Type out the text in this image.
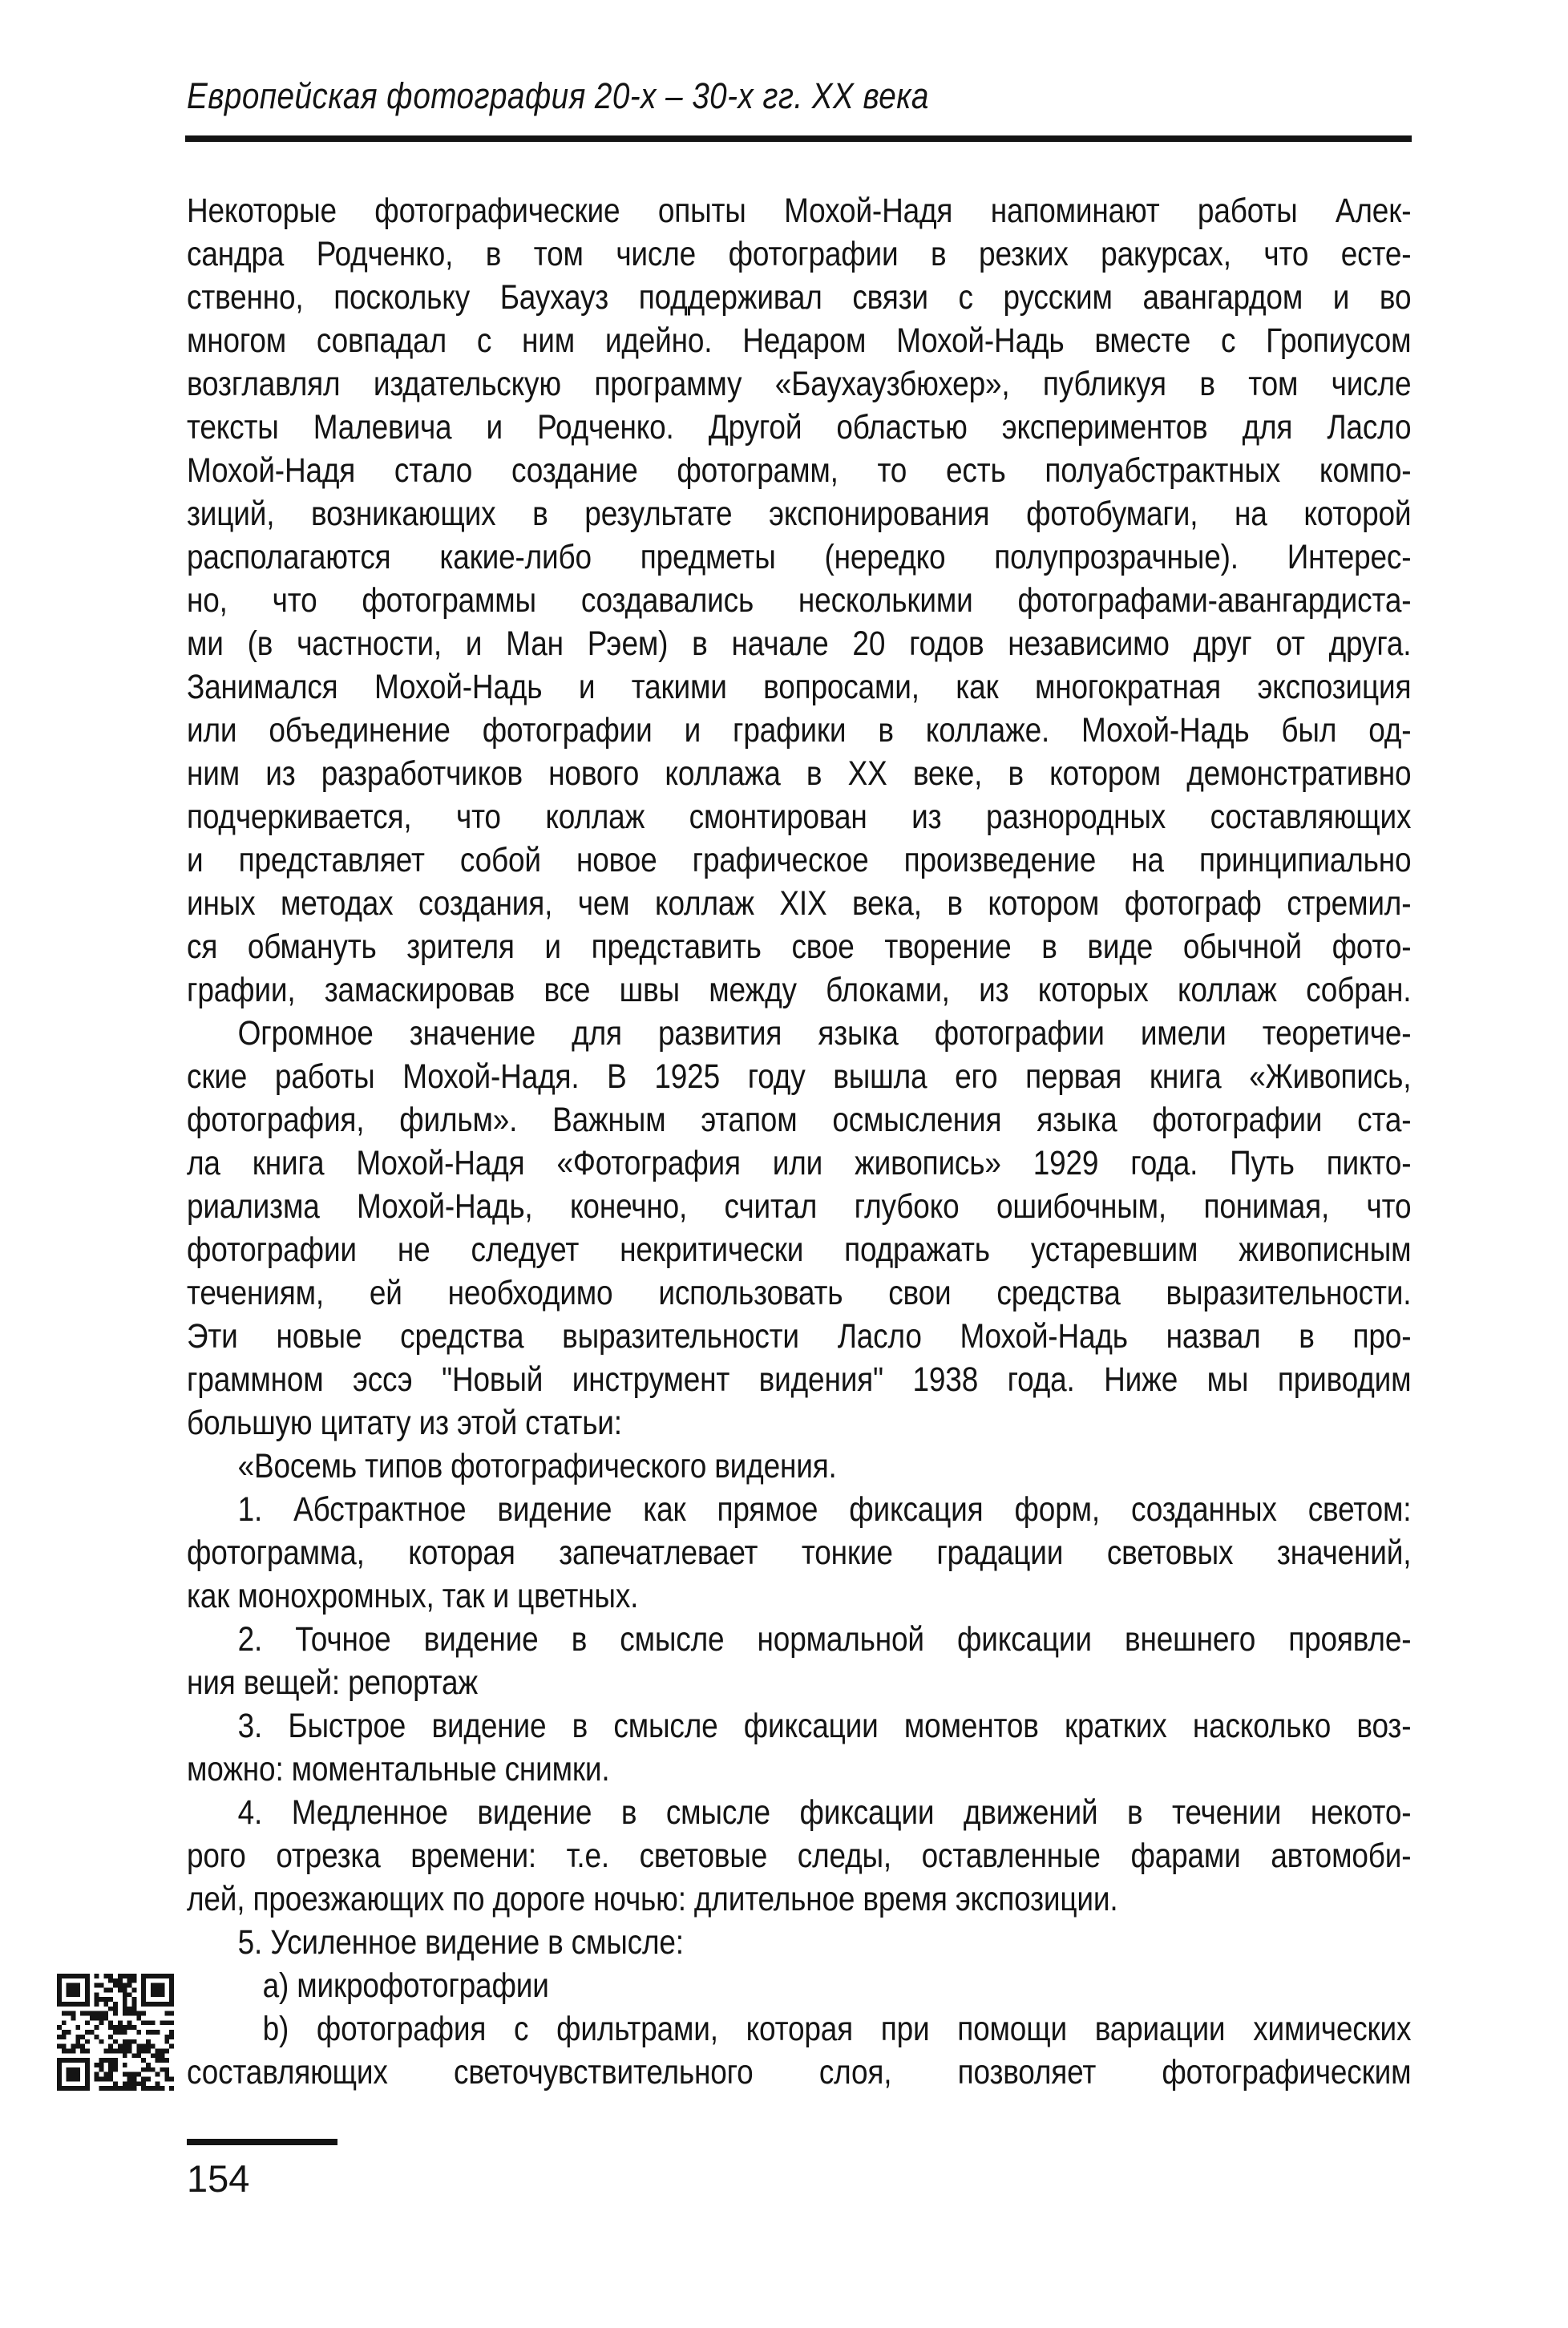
Европейская фотография 20-х – 30-х гг. XX века
Некоторые фотографические опыты Мохой-Надя напоминают работы Алек-
сандра Родченко, в том числе фотографии в резких ракурсах, что есте-
ственно, поскольку Баухауз поддерживал связи с русским авангардом и во
многом совпадал с ним идейно. Недаром Мохой-Надь вместе с Гропиусом
возглавлял издательскую программу «Баухаузбюхер», публикуя в том числе
тексты Малевича и Родченко. Другой областью экспериментов для Ласло
Мохой-Надя стало создание фотограмм, то есть полуабстрактных компо-
зиций, возникающих в результате экспонирования фотобумаги, на которой
располагаются какие-либо предметы (нередко полупрозрачные). Интерес-
но, что фотограммы создавались несколькими фотографами-авангардиста-
ми (в частности, и Ман Рэем) в начале 20 годов независимо друг от друга.
Занимался Мохой-Надь и такими вопросами, как многократная экспозиция
или объединение фотографии и графики в коллаже. Мохой-Надь был од-
ним из разработчиков нового коллажа в XX веке, в котором демонстративно
подчеркивается, что коллаж смонтирован из разнородных составляющих
и представляет собой новое графическое произведение на принципиально
иных методах создания, чем коллаж XIX века, в котором фотограф стремил-
ся обмануть зрителя и представить свое творение в виде обычной фото-
графии, замаскировав все швы между блоками, из которых коллаж собран.
Огромное значение для развития языка фотографии имели теоретиче-
ские работы Мохой-Надя. В 1925 году вышла его первая книга «Живопись,
фотография, фильм». Важным этапом осмысления языка фотографии ста-
ла книга Мохой-Надя «Фотография или живопись» 1929 года. Путь пикто-
риализма Мохой-Надь, конечно, считал глубоко ошибочным, понимая, что
фотографии не следует некритически подражать устаревшим живописным
течениям, ей необходимо использовать свои средства выразительности.
Эти новые средства выразительности Ласло Мохой-Надь назвал в про-
граммном эссэ "Новый инструмент видения" 1938 года. Ниже мы приводим
большую цитату из этой статьи:
«Восемь типов фотографического видения.
1. Абстрактное видение как прямое фиксация форм, созданных светом:
фотограмма, которая запечатлевает тонкие градации световых значений,
как монохромных, так и цветных.
2. Точное видение в смысле нормальной фиксации внешнего проявле-
ния вещей: репортаж
3. Быстрое видение в смысле фиксации моментов кратких насколько воз-
можно: моментальные снимки.
4. Медленное видение в смысле фиксации движений в течении некото-
рого отрезка времени: т.е. световые следы, оставленные фарами автомоби-
лей, проезжающих по дороге ночью: длительное время экспозиции.
5. Усиленное видение в смысле:
а) микрофотографии
b) фотография с фильтрами, которая при помощи вариации химических
составляющих светочувствительного слоя, позволяет фотографическим
154
